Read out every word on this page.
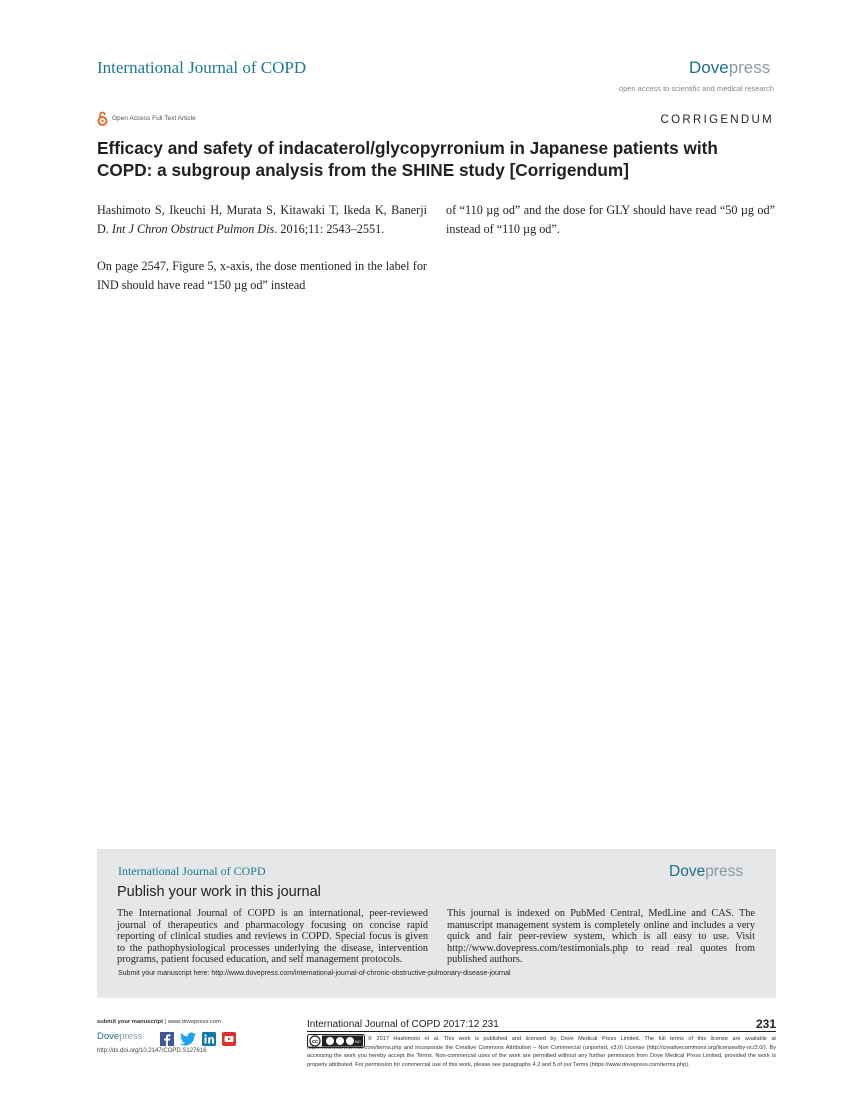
International Journal of COPD	Dovepress
open access to scientific and medical research
Open Access Full Text Article	CORRIGENDUM
Efficacy and safety of indacaterol/glycopyrronium in Japanese patients with COPD: a subgroup analysis from the SHINE study [Corrigendum]

Hashimoto S, Ikeuchi H, Murata S, Kitawaki T, Ikeda K, Banerji D. Int J Chron Obstruct Pulmon Dis. 2016;11: 2543–2551.

On page 2547, Figure 5, x-axis, the dose mentioned in the label for IND should have read “150 µg od” instead

of “110 µg od” and the dose for GLY should have read “50 µg od” instead of “110 µg od”.

International Journal of COPD	Dovepress
Publish your work in this journal
The International Journal of COPD is an international, peer-reviewed journal of therapeutics and pharmacology focusing on concise rapid reporting of clinical studies and reviews in COPD. Special focus is given to the pathophysiological processes underlying the disease, intervention programs, patient focused education, and self management protocols.
This journal is indexed on PubMed Central, MedLine and CAS. The manuscript management system is completely online and includes a very quick and fair peer-review system, which is all easy to use. Visit http://www.dovepress.com/testimonials.php to read real quotes from published authors.
Submit your manuscript here: http://www.dovepress.com/international-journal-of-chronic-obstructive-pulmonary-disease-journal
submit your manuscript | www.dovepress.com
Dovepress
http://dx.doi.org/10.2147/COPD.S127616
International Journal of COPD 2017:12 231	231
cc	NC	© 2017 Hashimoto et al. This work is published and licensed by Dove Medical Press Limited. The full terms of this license are available at https://www.dovepress.com/terms.php and incorporate the Creative Commons Attribution – Non Commercial (unported, v3.0) License (http://creativecommons.org/licenses/by-nc/3.0/). By accessing the work you hereby accept the Terms. Non-commercial uses of the work are permitted without any further permission from Dove Medical Press Limited, provided the work is properly attributed. For permission for commercial use of this work, please see paragraphs 4.2 and 5 of our Terms (https://www.dovepress.com/terms.php).
